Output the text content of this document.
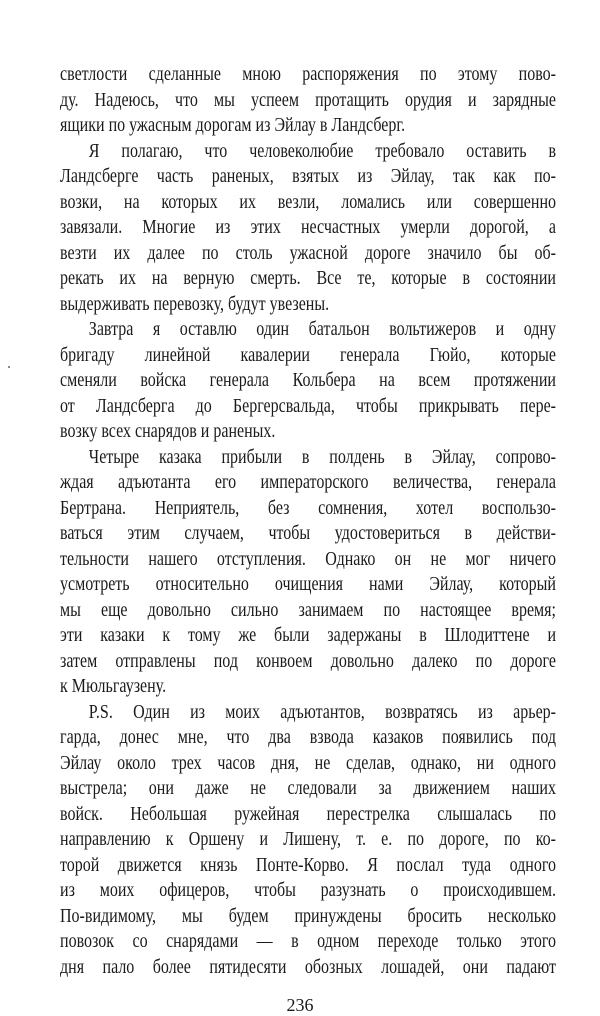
светлости сделанные мною распоряжения по этому пово-
ду. Надеюсь, что мы успеем протащить орудия и зарядные
ящики по ужасным дорогам из Эйлау в Ландсберг.
Я полагаю, что человеколюбие требовало оставить в
Ландсберге часть раненых, взятых из Эйлау, так как по-
возки, на которых их везли, ломались или совершенно
завязали. Многие из этих несчастных умерли дорогой, а
везти их далее по столь ужасной дороге значило бы об-
рекать их на верную смерть. Все те, которые в состоянии
выдерживать перевозку, будут увезены.
Завтра я оставлю один батальон вольтижеров и одну
бригаду линейной кавалерии генерала Гюйо, которые
сменяли войска генерала Кольбера на всем протяжении
от Ландсберга до Бергерсвальда, чтобы прикрывать пере-
возку всех снарядов и раненых.
Четыре казака прибыли в полдень в Эйлау, сопрово-
ждая адъютанта его императорского величества, генерала
Бертрана. Неприятель, без сомнения, хотел воспользо-
ваться этим случаем, чтобы удостовериться в действи-
тельности нашего отступления. Однако он не мог ничего
усмотреть относительно очищения нами Эйлау, который
мы еще довольно сильно занимаем по настоящее время;
эти казаки к тому же были задержаны в Шлодиттене и
затем отправлены под конвоем довольно далеко по дороге
к Мюльгаузену.
P.S. Один из моих адъютантов, возвратясь из арьер-
гарда, донес мне, что два взвода казаков появились под
Эйлау около трех часов дня, не сделав, однако, ни одного
выстрела; они даже не следовали за движением наших
войск. Небольшая ружейная перестрелка слышалась по
направлению к Оршену и Лишену, т. е. по дороге, по ко-
торой движется князь Понте-Корво. Я послал туда одного
из моих офицеров, чтобы разузнать о происходившем.
По-видимому, мы будем принуждены бросить несколько
повозок со снарядами — в одном переходе только этого
дня пало более пятидесяти обозных лошадей, они падают
236
